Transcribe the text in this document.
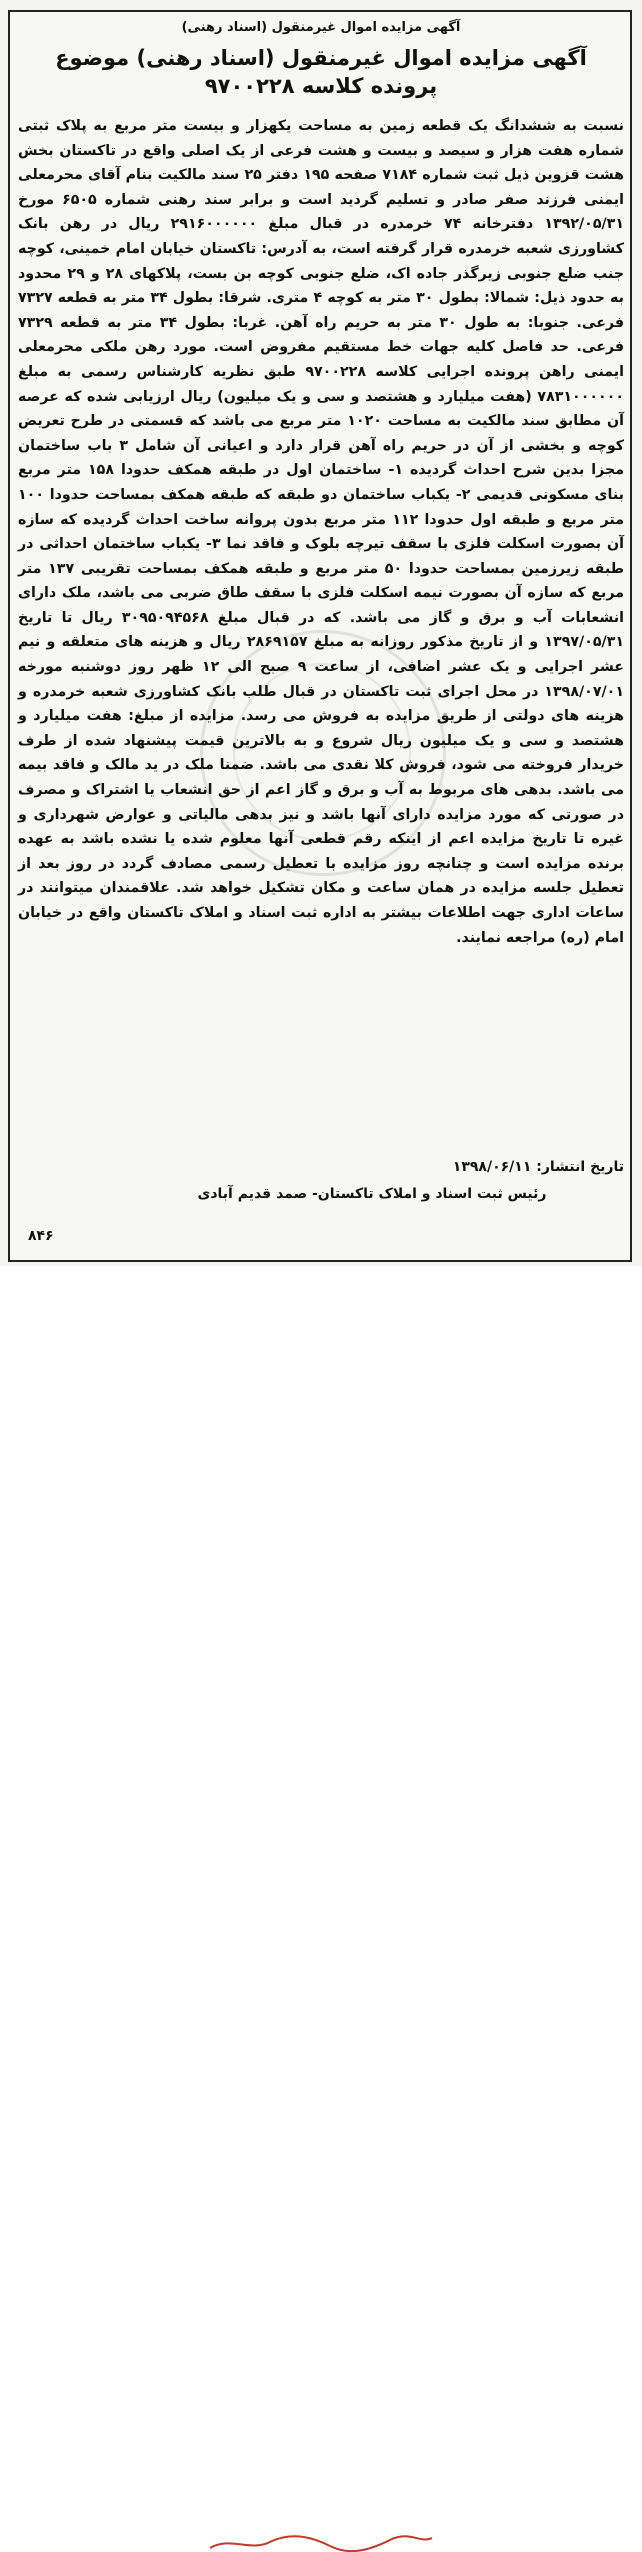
آگهی مزایده اموال غیرمنقول (اسناد رهنی)
آگهی مزایده اموال غیرمنقول (اسناد رهنی) موضوع پرونده کلاسه ۹۷۰۰۲۲۸
نسبت به ششدانگ یک قطعه زمین به مساحت یکهزار و بیست متر مربع به پلاک ثبتی شماره هفت هزار و سیصد و بیست و هشت فرعی از یک اصلی واقع در تاکستان بخش هشت قزوین ذیل ثبت شماره ۷۱۸۴ صفحه ۱۹۵ دفتر ۲۵ سند مالکیت بنام آقای محرمعلی ایمنی فرزند صفر صادر و تسلیم گردید است و برابر سند رهنی شماره ۶۵۰۵ مورخ ۱۳۹۲/۰۵/۳۱ دفترخانه ۷۴ خرمدره در قبال مبلغ ۲۹۱۶۰۰۰۰۰۰ ریال در رهن بانک کشاورزی شعبه خرمدره قرار گرفته است، به آدرس: تاکستان خیابان امام خمینی، کوچه جنب ضلع جنوبی زیرگذر جاده اک، ضلع جنوبی کوچه بن بست، پلاکهای ۲۸ و ۲۹ محدود به حدود ذیل: شمالا: بطول ۳۰ متر به کوچه ۴ متری. شرقا: بطول ۳۴ متر به قطعه ۷۳۲۷ فرعی. جنوبا: به طول ۳۰ متر به حریم راه آهن. غربا: بطول ۳۴ متر به قطعه ۷۳۲۹ فرعی. حد فاصل کلیه جهات خط مستقیم مفروض است. مورد رهن ملکی محرمعلی ایمنی راهن پرونده اجرایی کلاسه ۹۷۰۰۲۲۸ طبق نظریه کارشناس رسمی به مبلغ ۷۸۳۱۰۰۰۰۰۰ (هفت میلیارد و هشتصد و سی و یک میلیون) ریال ارزیابی شده که عرصه آن مطابق سند مالکیت به مساحت ۱۰۲۰ متر مربع می باشد که قسمتی در طرح تعریض کوچه و بخشی از آن در حریم راه آهن قرار دارد و اعیانی آن شامل ۳ باب ساختمان مجزا بدین شرح احداث گردیده ۱- ساختمان اول در طبقه همکف حدودا ۱۵۸ متر مربع بنای مسکونی قدیمی ۲- یکباب ساختمان دو طبقه که طبقه همکف بمساحت حدودا ۱۰۰ متر مربع و طبقه اول حدودا ۱۱۲ متر مربع بدون پروانه ساخت احداث گردیده که سازه آن بصورت اسکلت فلزی با سقف تیرچه بلوک و فاقد نما ۳- یکباب ساختمان احداثی در طبقه زیرزمین بمساحت حدودا ۵۰ متر مربع و طبقه همکف بمساحت تقریبی ۱۳۷ متر مربع که سازه آن بصورت نیمه اسکلت فلزی با سقف طاق ضربی می باشد، ملک دارای انشعابات آب و برق و گاز می باشد. که در قبال مبلغ ۳۰۹۵۰۹۴۵۶۸ ریال تا تاریخ ۱۳۹۷/۰۵/۳۱ و از تاریخ مذکور روزانه به مبلغ ۲۸۶۹۱۵۷ ریال و هزینه های متعلقه و نیم عشر اجرایی و یک عشر اضافی، از ساعت ۹ صبح الی ۱۲ ظهر روز دوشنبه مورخه ۱۳۹۸/۰۷/۰۱ در محل اجرای ثبت تاکستان در قبال طلب بانک کشاورزی شعبه خرمدره و هزینه های دولتی از طریق مزایده به فروش می رسد. مزایده از مبلغ: هفت میلیارد و هشتصد و سی و یک میلیون ریال شروع و به بالاترین قیمت پیشنهاد شده از طرف خریدار فروخته می شود، فروش کلا نقدی می باشد. ضمنا ملک در ید مالک و فاقد بیمه می باشد. بدهی های مربوط به آب و برق و گاز اعم از حق انشعاب یا اشتراک و مصرف در صورتی که مورد مزایده دارای آنها باشد و نیز بدهی مالیاتی و عوارض شهرداری و غیره تا تاریخ مزایده اعم از اینکه رقم قطعی آنها معلوم شده یا نشده باشد به عهده برنده مزایده است و چنانچه روز مزایده با تعطیل رسمی مصادف گردد در روز بعد از تعطیل جلسه مزایده در همان ساعت و مکان تشکیل خواهد شد. علاقمندان میتوانند در ساعات اداری جهت اطلاعات بیشتر به اداره ثبت اسناد و املاک تاکستان واقع در خیابان امام (ره) مراجعه نمایند.
تاریخ انتشار: ۱۳۹۸/۰۶/۱۱
رئیس ثبت اسناد و املاک تاکستان- صمد قدیم آبادی
۸۴۶
